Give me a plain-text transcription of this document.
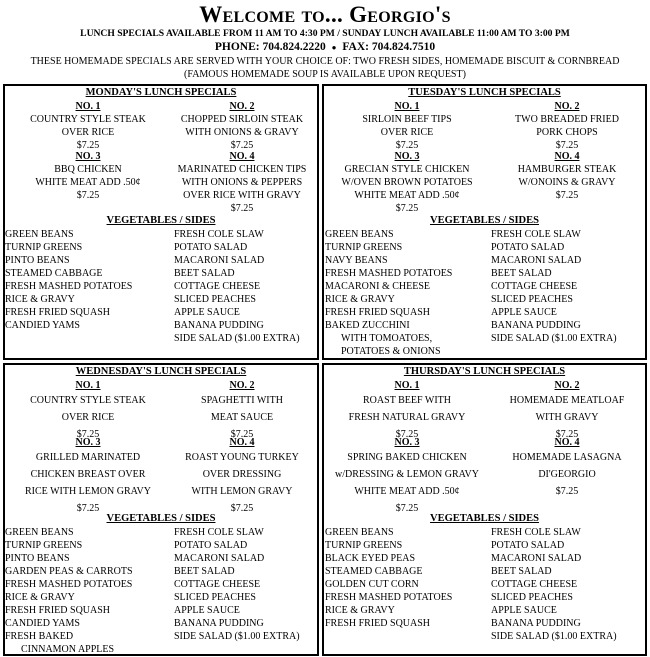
Welcome to... Georgio's
LUNCH SPECIALS AVAILABLE FROM 11 AM TO 4:30 PM / SUNDAY LUNCH AVAILABLE 11:00 AM TO 3:00 PM
PHONE: 704.824.2220 ● FAX: 704.824.7510
THESE HOMEMADE SPECIALS ARE SERVED WITH YOUR CHOICE OF: TWO FRESH SIDES, HOMEMADE BISCUIT & CORNBREAD
(FAMOUS HOMEMADE SOUP IS AVAILABLE UPON REQUEST)
MONDAY'S LUNCH SPECIALS
NO. 1
COUNTRY STYLE STEAK
OVER RICE
$7.25
NO. 2
CHOPPED SIRLOIN STEAK
WITH ONIONS & GRAVY
$7.25
NO. 3
BBQ CHICKEN
WHITE MEAT ADD .50¢
$7.25
NO. 4
MARINATED CHICKEN TIPS
WITH ONIONS & PEPPERS
OVER RICE WITH GRAVY
$7.25
VEGETABLES / SIDES
GREEN BEANS
TURNIP GREENS
PINTO BEANS
STEAMED CABBAGE
FRESH MASHED POTATOES
RICE & GRAVY
FRESH FRIED SQUASH
CANDIED YAMS
FRESH COLE SLAW
POTATO SALAD
MACARONI SALAD
BEET SALAD
COTTAGE CHEESE
SLICED PEACHES
APPLE SAUCE
BANANA PUDDING
SIDE SALAD ($1.00 EXTRA)
TUESDAY'S LUNCH SPECIALS
NO. 1
SIRLOIN BEEF TIPS
OVER RICE
$7.25
NO. 2
TWO BREADED FRIED
PORK CHOPS
$7.25
NO. 3
GRECIAN STYLE CHICKEN
W/OVEN BROWN POTATOES
WHITE MEAT ADD .50¢
$7.25
NO. 4
HAMBURGER STEAK
W/ONOINS & GRAVY
$7.25
VEGETABLES / SIDES
GREEN BEANS
TURNIP GREENS
NAVY BEANS
FRESH MASHED POTATOES
MACARONI & CHEESE
RICE & GRAVY
FRESH FRIED SQUASH
BAKED ZUCCHINI
WITH TOMOATOES,
POTATOES & ONIONS
FRESH COLE SLAW
POTATO SALAD
MACARONI SALAD
BEET SALAD
COTTAGE CHEESE
SLICED PEACHES
APPLE SAUCE
BANANA PUDDING
SIDE SALAD ($1.00 EXTRA)
WEDNESDAY'S LUNCH SPECIALS
NO. 1
COUNTRY STYLE STEAK
OVER RICE
$7.25
NO. 2
SPAGHETTI WITH
MEAT SAUCE
$7.25
NO. 3
GRILLED MARINATED
CHICKEN BREAST OVER
RICE WITH LEMON GRAVY
$7.25
NO. 4
ROAST YOUNG TURKEY
OVER DRESSING
WITH LEMON GRAVY
$7.25
VEGETABLES / SIDES
GREEN BEANS
TURNIP GREENS
PINTO BEANS
GARDEN PEAS & CARROTS
FRESH MASHED POTATOES
RICE & GRAVY
FRESH FRIED SQUASH
CANDIED YAMS
FRESH BAKED
CINNAMON APPLES
FRESH COLE SLAW
POTATO SALAD
MACARONI SALAD
BEET SALAD
COTTAGE CHEESE
SLICED PEACHES
APPLE SAUCE
BANANA PUDDING
SIDE SALAD ($1.00 EXTRA)
THURSDAY'S LUNCH SPECIALS
NO. 1
ROAST BEEF WITH
FRESH NATURAL GRAVY
$7.25
NO. 2
HOMEMADE MEATLOAF
WITH GRAVY
$7.25
NO. 3
SPRING BAKED CHICKEN
w/DRESSING & LEMON GRAVY
WHITE MEAT ADD .50¢
$7.25
NO. 4
HOMEMADE LASAGNA
DI'GEORGIO
$7.25
VEGETABLES / SIDES
GREEN BEANS
TURNIP GREENS
BLACK EYED PEAS
STEAMED CABBAGE
GOLDEN CUT CORN
FRESH MASHED POTATOES
RICE & GRAVY
FRESH FRIED SQUASH
FRESH COLE SLAW
POTATO SALAD
MACARONI SALAD
BEET SALAD
COTTAGE CHEESE
SLICED PEACHES
APPLE SAUCE
BANANA PUDDING
SIDE SALAD ($1.00 EXTRA)
